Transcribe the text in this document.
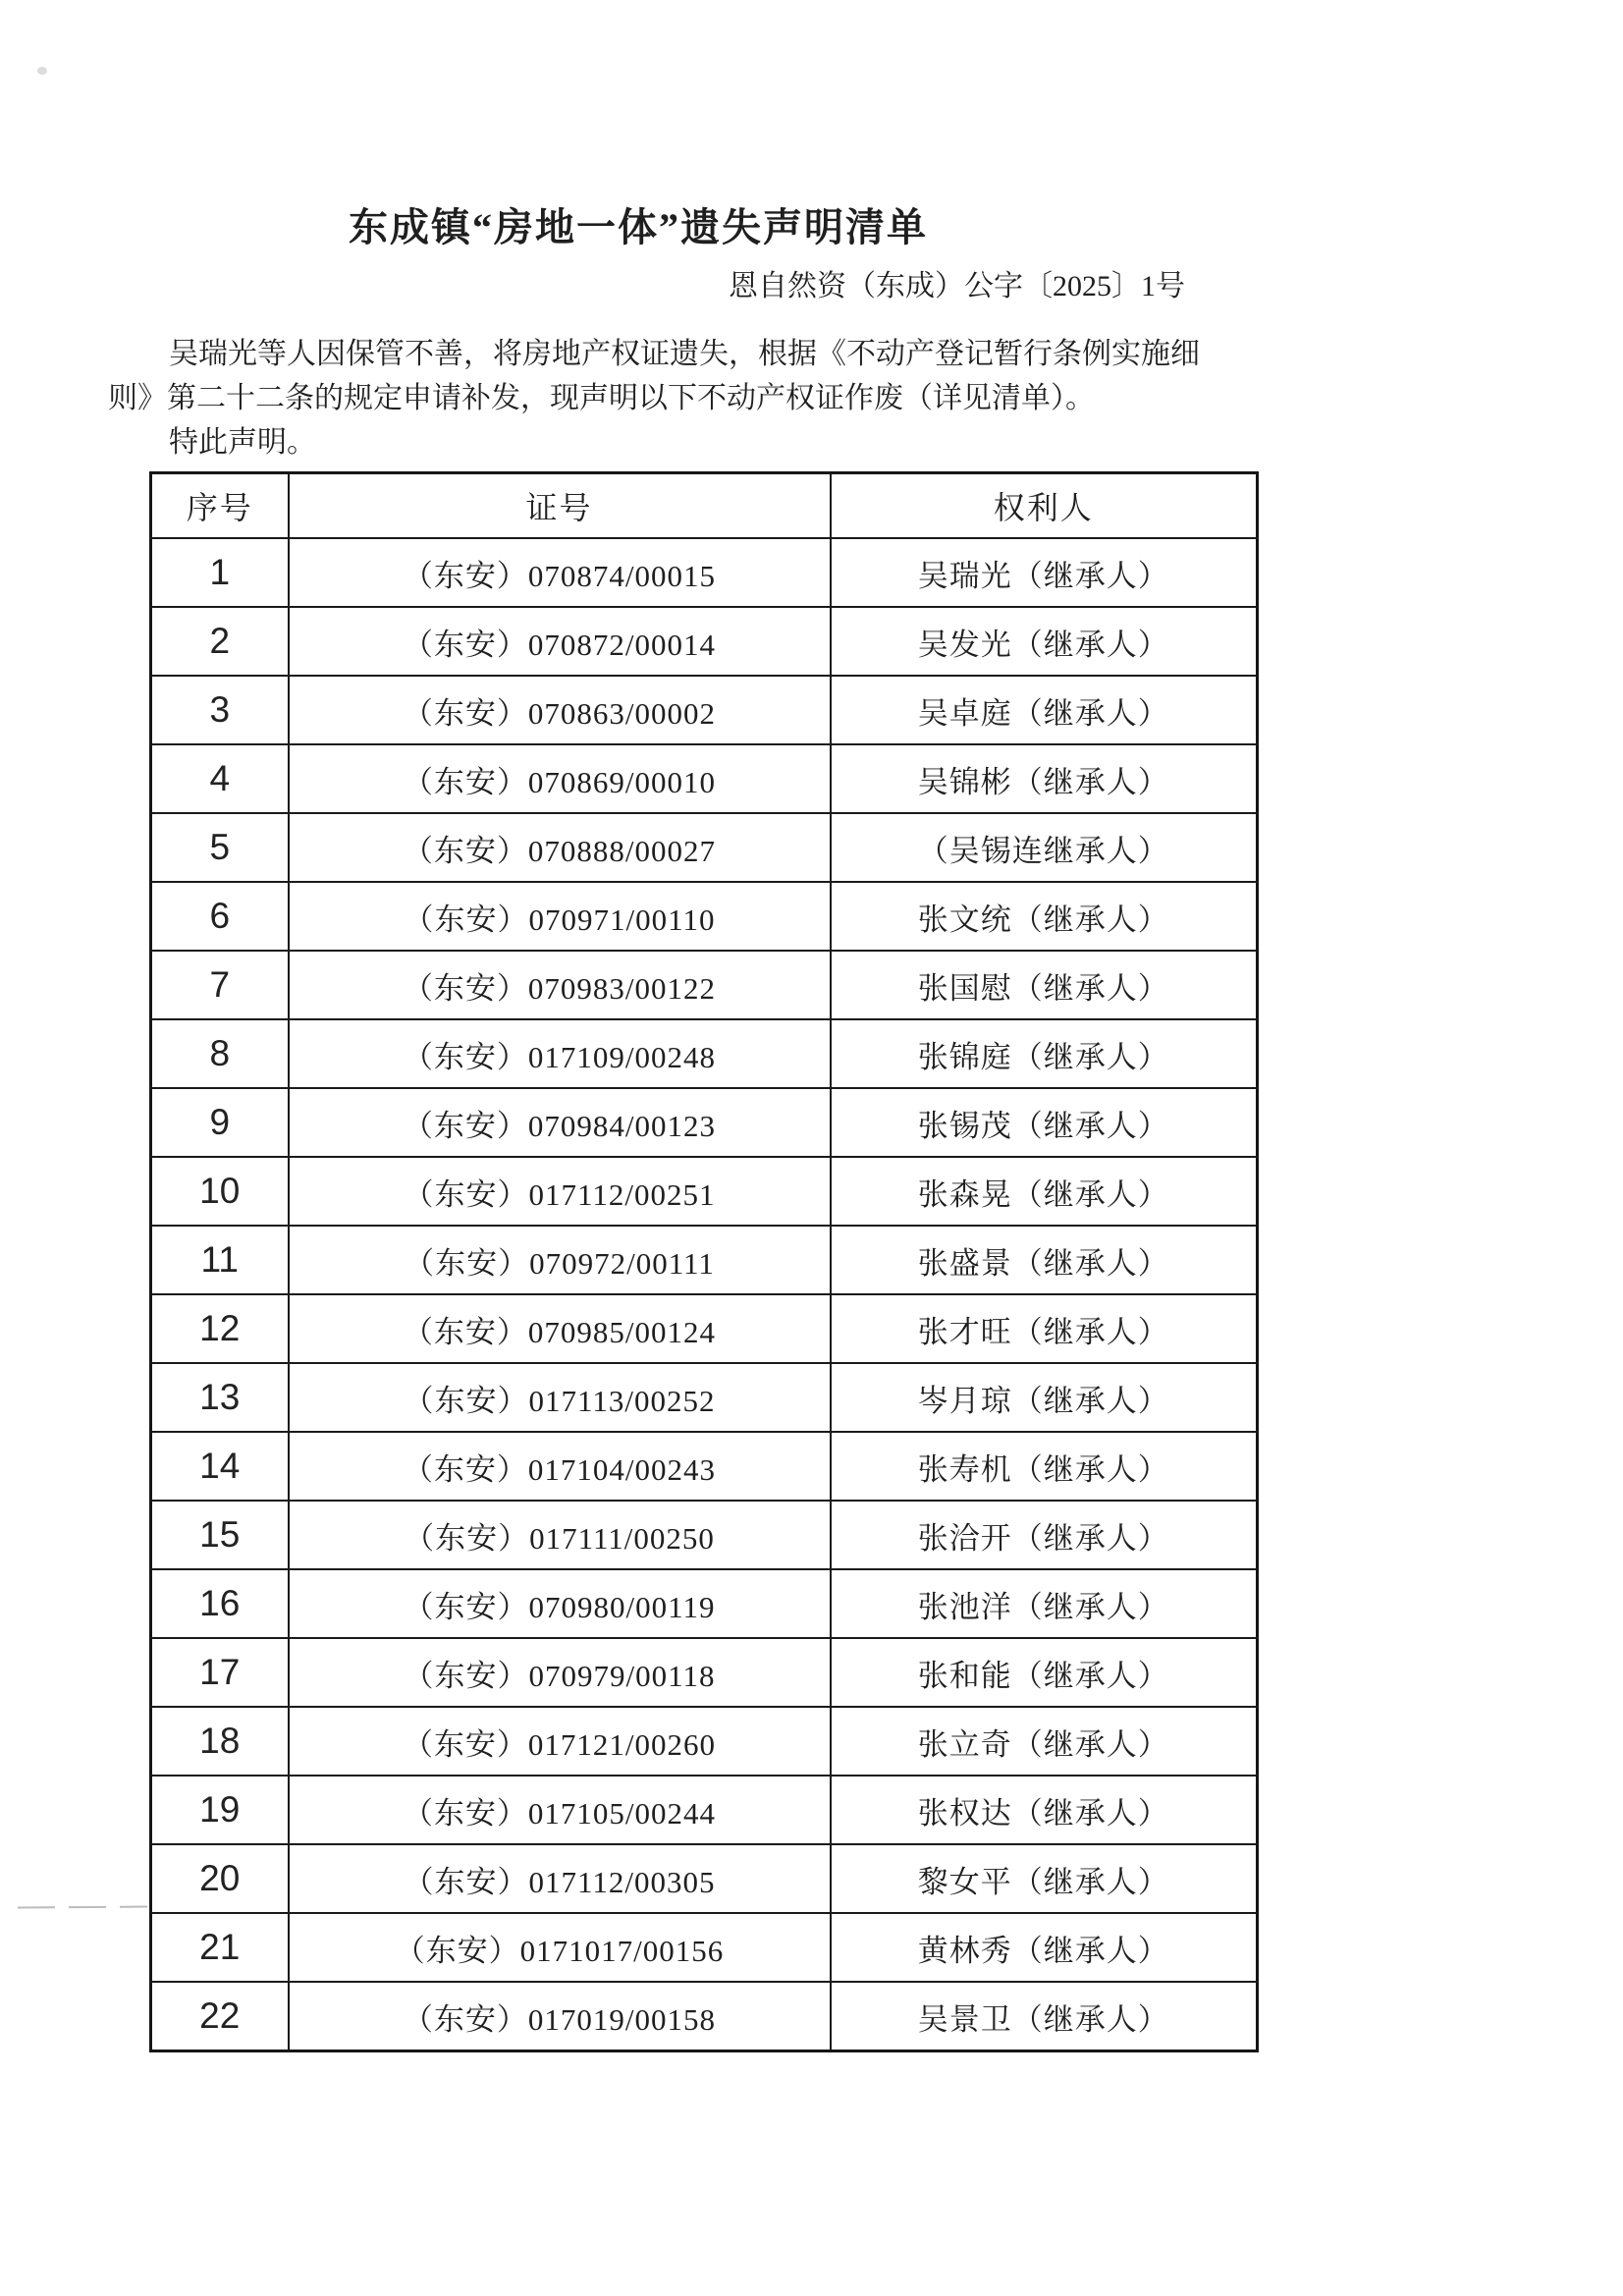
东成镇“房地一体”遗失声明清单
恩自然资（东成）公字〔2025〕1号
吴瑞光等人因保管不善，将房地产权证遗失，根据《不动产登记暂行条例实施细
则》第二十二条的规定申请补发，现声明以下不动产权证作废（详见清单）。
特此声明。
序号	证号	权利人
1	（东安）070874/00015	吴瑞光（继承人）
2	（东安）070872/00014	吴发光（继承人）
3	（东安）070863/00002	吴卓庭（继承人）
4	（东安）070869/00010	吴锦彬（继承人）
5	（东安）070888/00027	（吴锡连继承人）
6	（东安）070971/00110	张文统（继承人）
7	（东安）070983/00122	张国慰（继承人）
8	（东安）017109/00248	张锦庭（继承人）
9	（东安）070984/00123	张锡茂（继承人）
10	（东安）017112/00251	张森晃（继承人）
11	（东安）070972/00111	张盛景（继承人）
12	（东安）070985/00124	张才旺（继承人）
13	（东安）017113/00252	岑月琼（继承人）
14	（东安）017104/00243	张寿机（继承人）
15	（东安）017111/00250	张洽开（继承人）
16	（东安）070980/00119	张池洋（继承人）
17	（东安）070979/00118	张和能（继承人）
18	（东安）017121/00260	张立奇（继承人）
19	（东安）017105/00244	张权达（继承人）
20	（东安）017112/00305	黎女平（继承人）
21	（东安）0171017/00156	黄林秀（继承人）
22	（东安）017019/00158	吴景卫（继承人）
